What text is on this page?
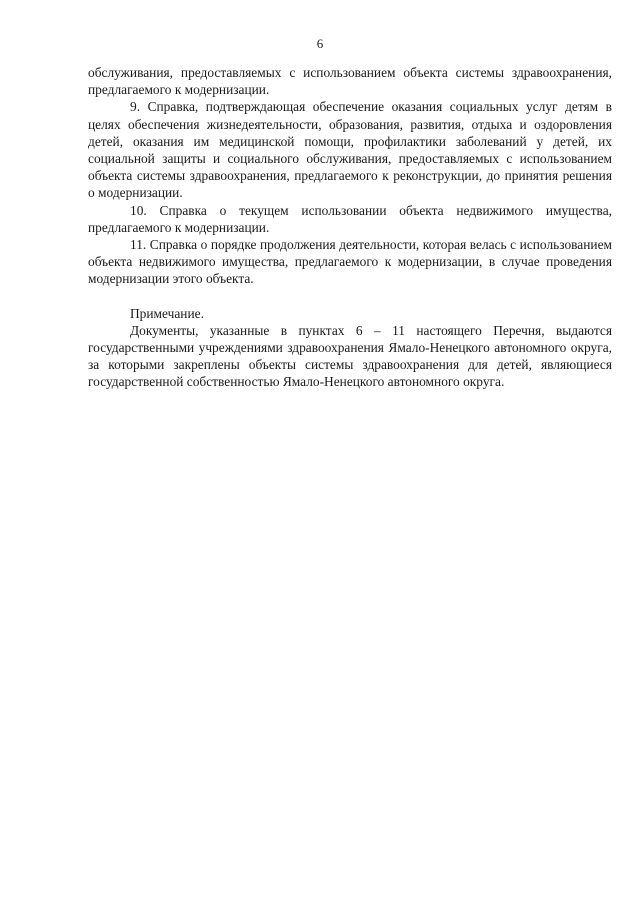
6

обслуживания, предоставляемых с использованием объекта системы здравоохранения, предлагаемого к модернизации.

9. Справка, подтверждающая обеспечение оказания социальных услуг детям в целях обеспечения жизнедеятельности, образования, развития, отдыха и оздоровления детей, оказания им медицинской помощи, профилактики заболеваний у детей, их социальной защиты и социального обслуживания, предоставляемых с использованием объекта системы здравоохранения, предлагаемого к реконструкции, до принятия решения о модернизации.

10. Справка о текущем использовании объекта недвижимого имущества, предлагаемого к модернизации.

11. Справка о порядке продолжения деятельности, которая велась с использованием объекта недвижимого имущества, предлагаемого к модернизации, в случае проведения модернизации этого объекта.

Примечание.

Документы, указанные в пунктах 6 – 11 настоящего Перечня, выдаются государственными учреждениями здравоохранения Ямало-Ненецкого автономного округа, за которыми закреплены объекты системы здравоохранения для детей, являющиеся государственной собственностью Ямало-Ненецкого автономного округа.
